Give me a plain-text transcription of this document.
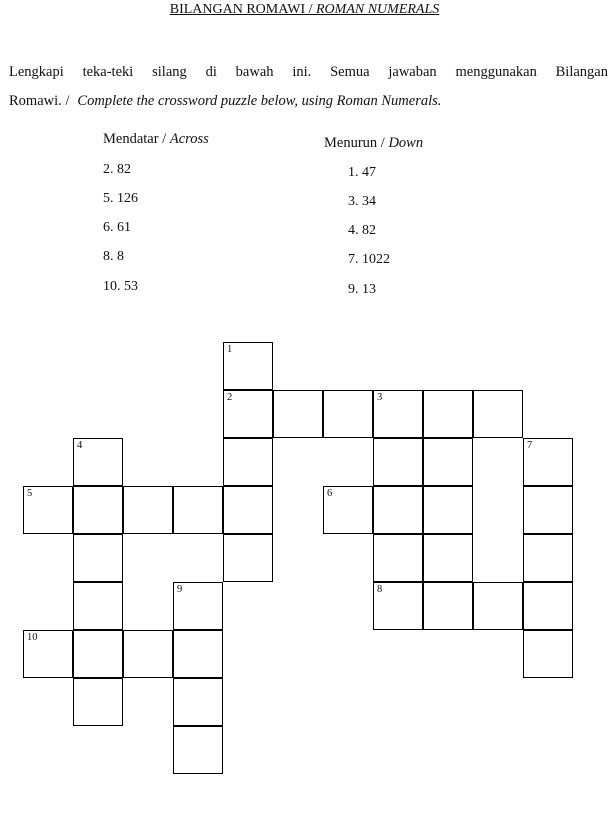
BILANGAN ROMAWI / ROMAN NUMERALS
Lengkapi teka-teki silang di bawah ini. Semua jawaban menggunakan Bilangan
Romawi. / Complete the crossword puzzle below, using Roman Numerals.
Mendatar / Across
2. 82
5. 126
6. 61
8. 8
10. 53
Menurun / Down
1. 47
3. 34
4. 82
7. 1022
9. 13
1
2	3
4	7
5	6
9	8
10
